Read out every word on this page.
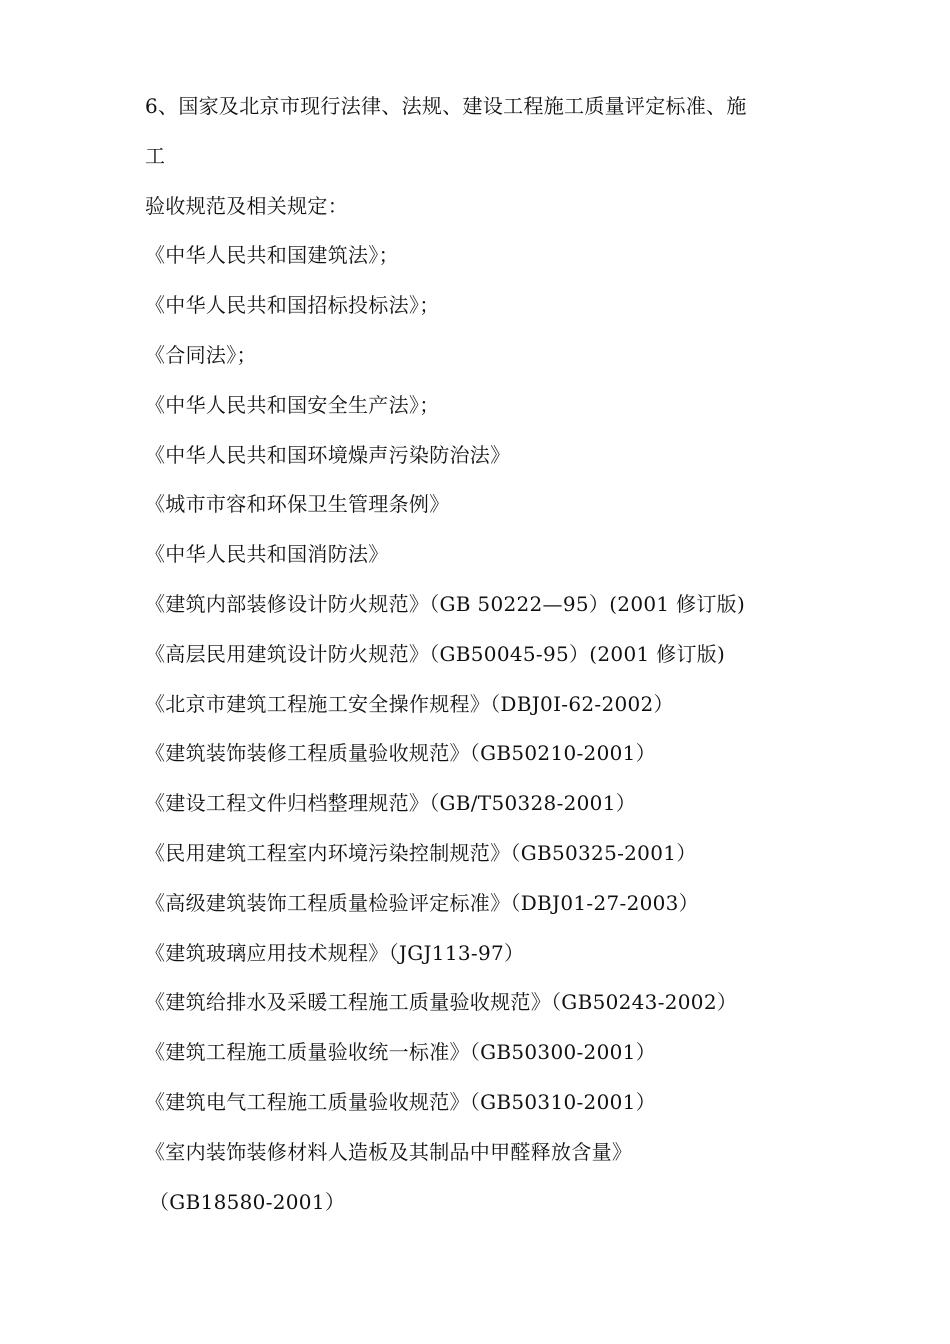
6、国家及北京市现行法律、法规、建设工程施工质量评定标准、施
工
验收规范及相关规定：
《中华人民共和国建筑法》；
《中华人民共和国招标投标法》；
《合同法》；
《中华人民共和国安全生产法》；
《中华人民共和国环境燥声污染防治法》
《城市市容和环保卫生管理条例》
《中华人民共和国消防法》
《建筑内部装修设计防火规范》（GB 50222—95）(2001 修订版)
《高层民用建筑设计防火规范》（GB50045-95）(2001 修订版)
《北京市建筑工程施工安全操作规程》（DBJ0I-62-2002）
《建筑装饰装修工程质量验收规范》（GB50210-2001）
《建设工程文件归档整理规范》（GB/T50328-2001）
《民用建筑工程室内环境污染控制规范》（GB50325-2001）
《高级建筑装饰工程质量检验评定标准》（DBJ01-27-2003）
《建筑玻璃应用技术规程》（JGJ113-97）
《建筑给排水及采暖工程施工质量验收规范》（GB50243-2002）
《建筑工程施工质量验收统一标准》（GB50300-2001）
《建筑电气工程施工质量验收规范》（GB50310-2001）
《室内装饰装修材料人造板及其制品中甲醛释放含量》
（GB18580-2001）
